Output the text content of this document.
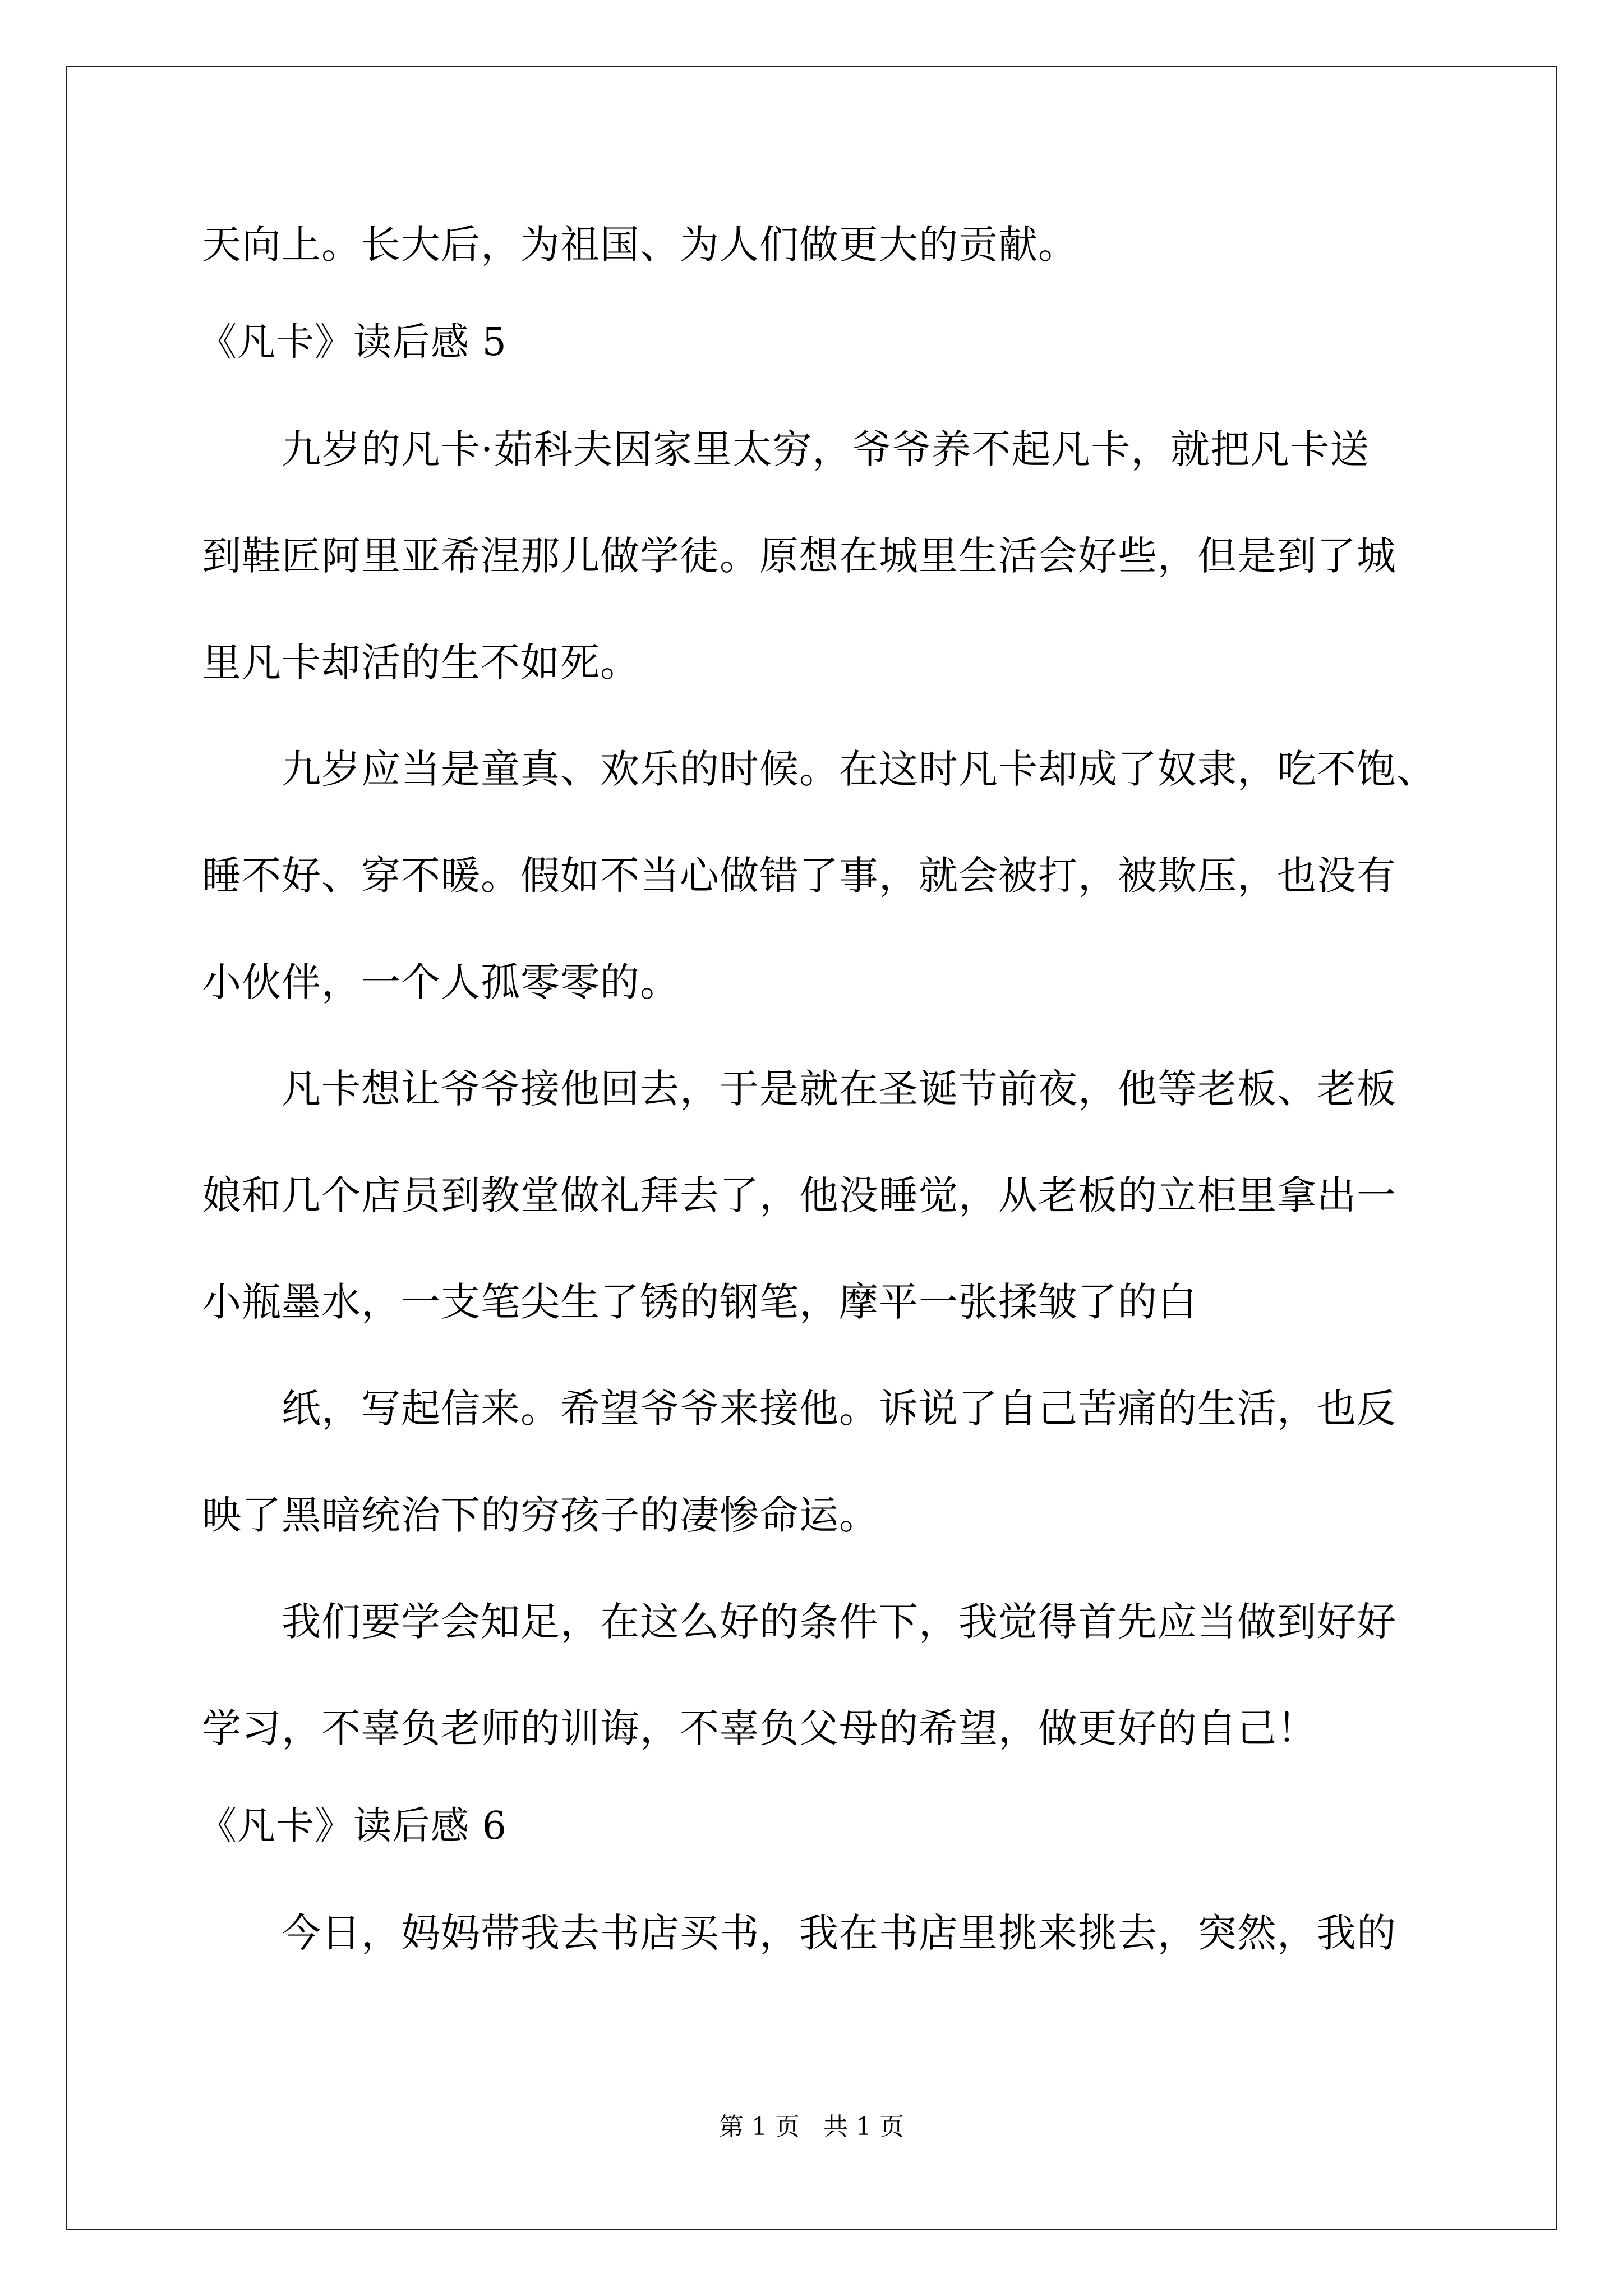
天向上。长大后，为祖国、为人们做更大的贡献。
《凡卡》读后感 5
九岁的凡卡·茹科夫因家里太穷，爷爷养不起凡卡，就把凡卡送
到鞋匠阿里亚希涅那儿做学徒。原想在城里生活会好些，但是到了城
里凡卡却活的生不如死。
九岁应当是童真、欢乐的时候。在这时凡卡却成了奴隶，吃不饱、
睡不好、穿不暖。假如不当心做错了事，就会被打，被欺压，也没有
小伙伴，一个人孤零零的。
凡卡想让爷爷接他回去，于是就在圣诞节前夜，他等老板、老板
娘和几个店员到教堂做礼拜去了，他没睡觉，从老板的立柜里拿出一
小瓶墨水，一支笔尖生了锈的钢笔，摩平一张揉皱了的白
纸，写起信来。希望爷爷来接他。诉说了自己苦痛的生活，也反
映了黑暗统治下的穷孩子的凄惨命运。
我们要学会知足，在这么好的条件下，我觉得首先应当做到好好
学习，不辜负老师的训诲，不辜负父母的希望，做更好的自己！
《凡卡》读后感 6
今日，妈妈带我去书店买书，我在书店里挑来挑去，突然，我的
第 1 页   共 1 页
